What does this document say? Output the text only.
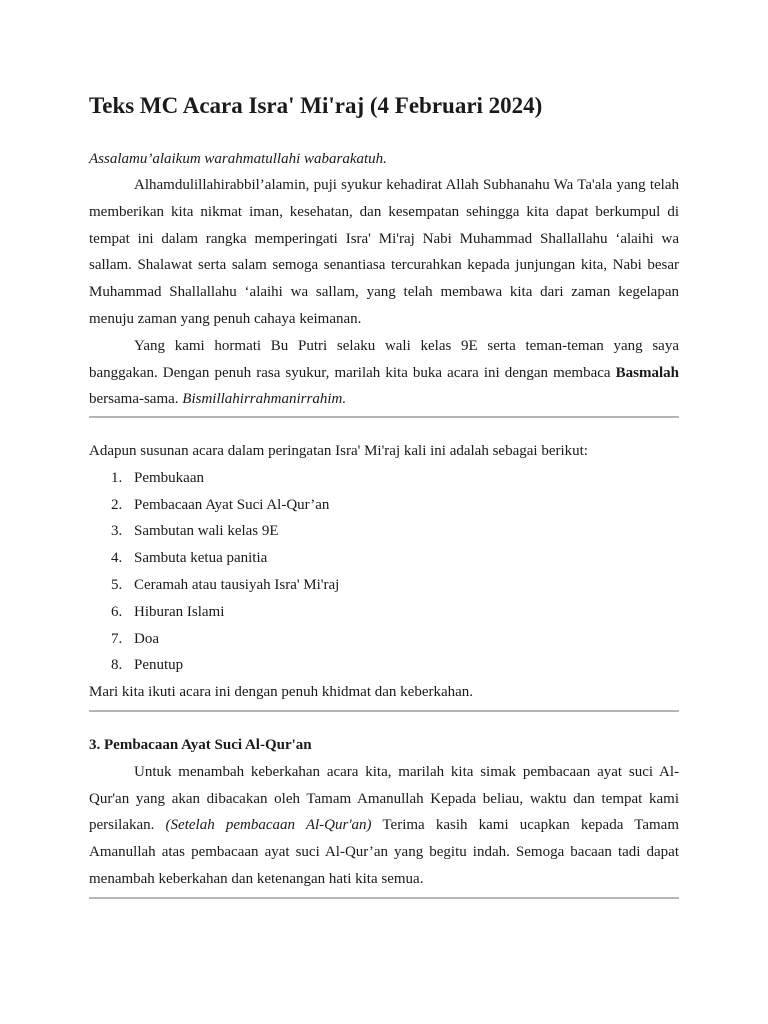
Teks MC Acara Isra' Mi'raj (4 Februari 2024)

Assalamu’alaikum warahmatullahi wabarakatuh.

Alhamdulillahirabbil’alamin, puji syukur kehadirat Allah Subhanahu Wa Ta'ala yang telah memberikan kita nikmat iman, kesehatan, dan kesempatan sehingga kita dapat berkumpul di tempat ini dalam rangka memperingati Isra' Mi'raj Nabi Muhammad Shallallahu ‘alaihi wa sallam. Shalawat serta salam semoga senantiasa tercurahkan kepada junjungan kita, Nabi besar Muhammad Shallallahu ‘alaihi wa sallam, yang telah membawa kita dari zaman kegelapan menuju zaman yang penuh cahaya keimanan.

Yang kami hormati Bu Putri selaku wali kelas 9E serta teman-teman yang saya banggakan. Dengan penuh rasa syukur, marilah kita buka acara ini dengan membaca Basmalah bersama-sama. Bismillahirrahmanirrahim.

Adapun susunan acara dalam peringatan Isra' Mi'raj kali ini adalah sebagai berikut:

1. Pembukaan
2. Pembacaan Ayat Suci Al-Qur’an
3. Sambutan wali kelas 9E
4. Sambuta ketua panitia
5. Ceramah atau tausiyah Isra' Mi'raj
6. Hiburan Islami
7. Doa
8. Penutup

Mari kita ikuti acara ini dengan penuh khidmat dan keberkahan.

3. Pembacaan Ayat Suci Al-Qur'an

Untuk menambah keberkahan acara kita, marilah kita simak pembacaan ayat suci Al-Qur'an yang akan dibacakan oleh Tamam Amanullah Kepada beliau, waktu dan tempat kami persilakan. (Setelah pembacaan Al-Qur'an) Terima kasih kami ucapkan kepada Tamam Amanullah atas pembacaan ayat suci Al-Qur’an yang begitu indah. Semoga bacaan tadi dapat menambah keberkahan dan ketenangan hati kita semua.
